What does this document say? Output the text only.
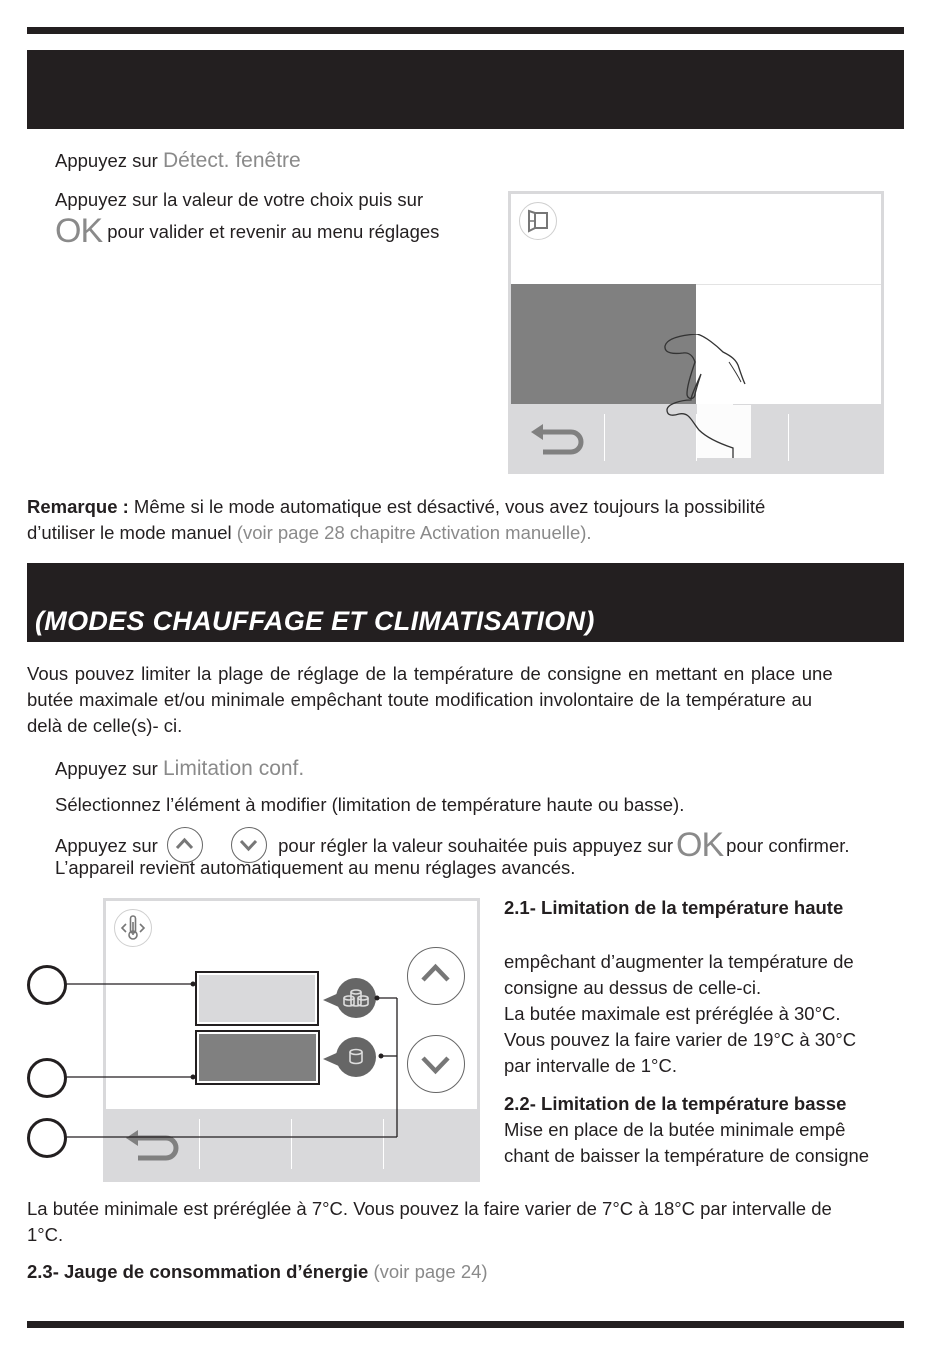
Appuyez sur Détect. fenêtre
Appuyez sur la valeur de votre choix puis sur
OK pour valider et revenir au menu réglages
Remarque : Même si le mode automatique est désactivé, vous avez toujours la possibilité
d’utiliser le mode manuel (voir page 28 chapitre Activation manuelle).
(MODES CHAUFFAGE ET CLIMATISATION)
Vous pouvez limiter la plage de réglage de la température de consigne en mettant en place une
butée maximale et/ou minimale empêchant toute modification involontaire de la température au
delà de celle(s)- ci.
Appuyez sur Limitation conf.
Sélectionnez l’élément à modifier (limitation de température haute ou basse).
Appuyez sur	pour régler la valeur souhaitée puis appuyez surOK pour confirmer.
L’appareil revient automatiquement au menu réglages avancés.
2.1- Limitation de la température haute
empêchant d’augmenter la température de
consigne au dessus de celle-ci.
La butée maximale est préréglée à 30°C.
Vous pouvez la faire varier de 19°C à 30°C
par intervalle de 1°C.
2.2- Limitation de la température basse
Mise en place de la butée minimale empê
chant de baisser la température de consigne
La butée minimale est préréglée à 7°C. Vous pouvez la faire varier de 7°C à 18°C par intervalle de
1°C.
2.3- Jauge de consommation d’énergie (voir page 24)
